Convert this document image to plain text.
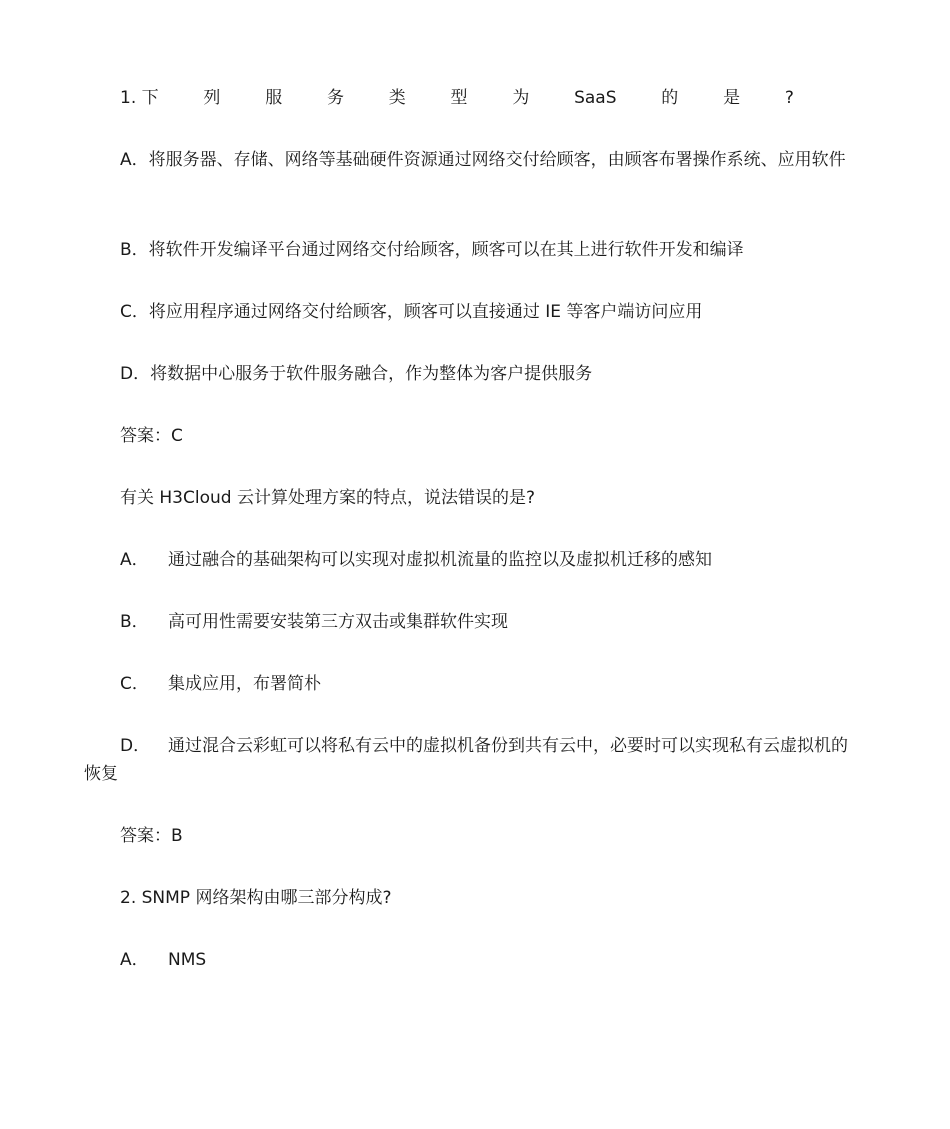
1. 下	列	服	务	类	型	为	SaaS	的	是	?

A．将服务器、存储、网络等基础硬件资源通过网络交付给顾客，由顾客布署操作系统、应用软件

B．将软件开发编译平台通过网络交付给顾客，顾客可以在其上进行软件开发和编译

C．将应用程序通过网络交付给顾客，顾客可以直接通过 IE 等客户端访问应用

D．将数据中心服务于软件服务融合，作为整体为客户提供服务

答案：C

有关 H3Cloud 云计算处理方案的特点，说法错误的是?

A． 通过融合的基础架构可以实现对虚拟机流量的监控以及虚拟机迁移的感知

B． 高可用性需要安装第三方双击或集群软件实现

C． 集成应用，布署简朴

D． 通过混合云彩虹可以将私有云中的虚拟机备份到共有云中，必要时可以实现私有云虚拟机的恢复

答案：B

2. SNMP 网络架构由哪三部分构成?

A． NMS
